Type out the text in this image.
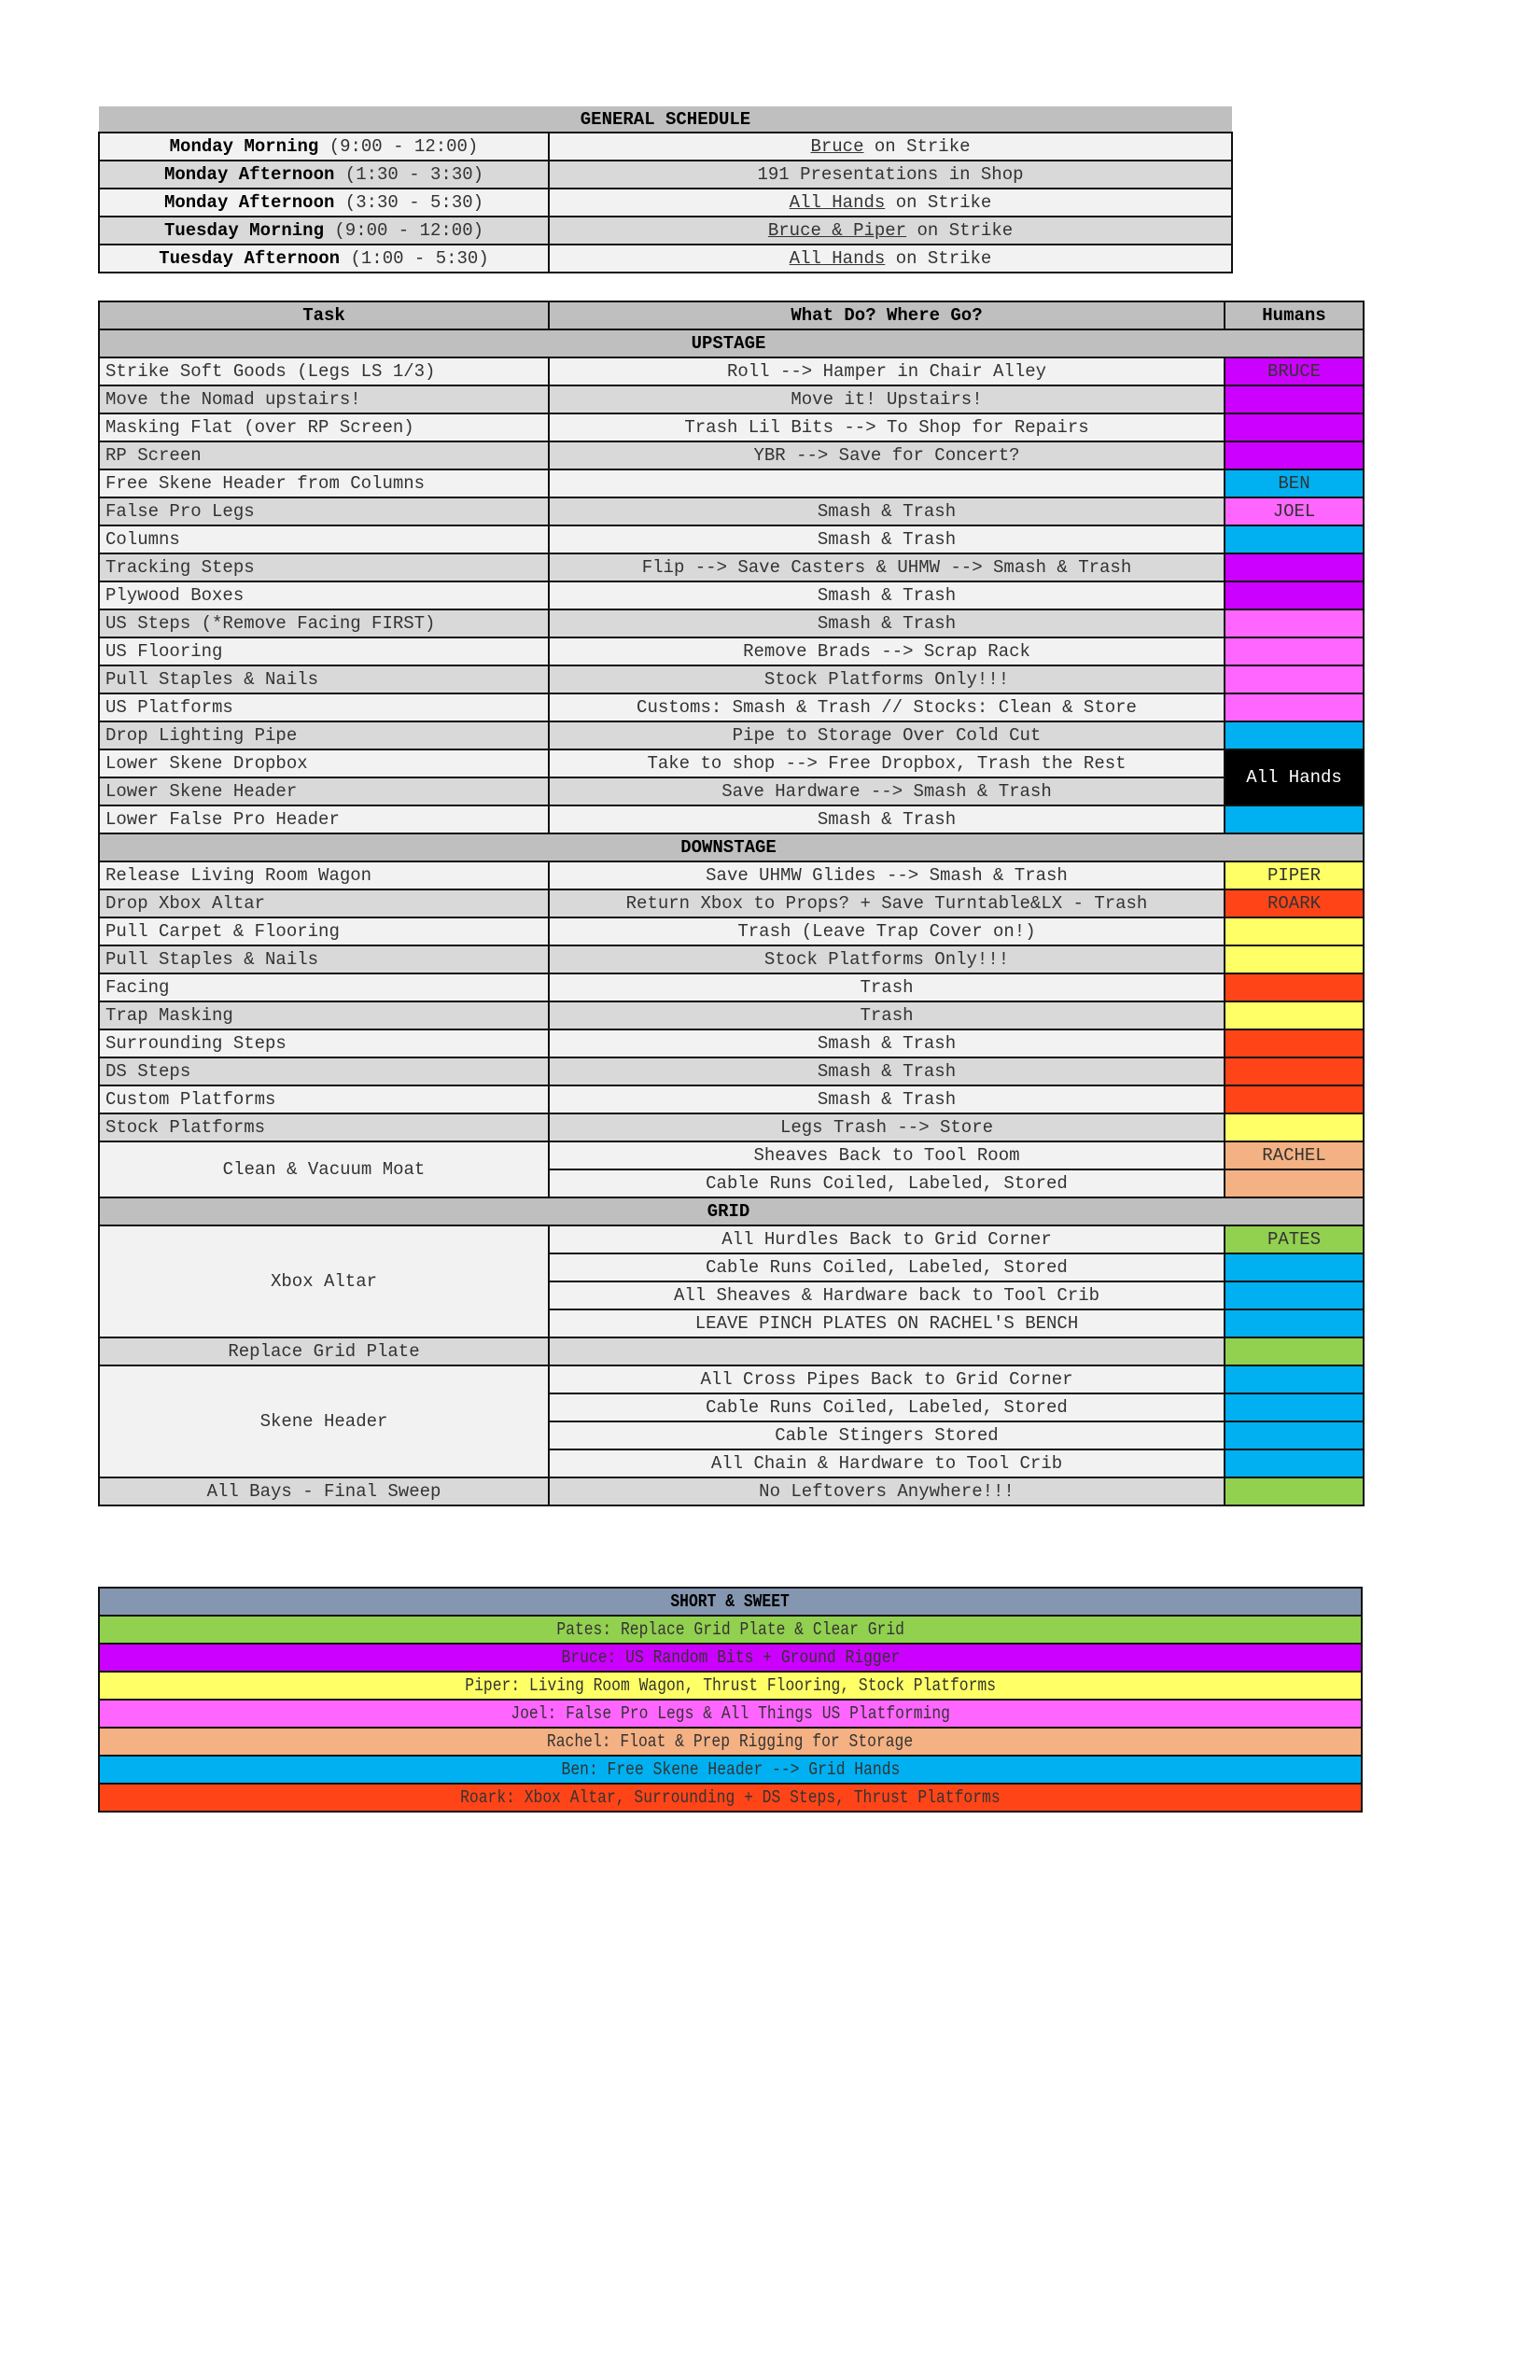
GENERAL SCHEDULE	
Monday Morning (9:00 - 12:00)	Bruce on Strike
Monday Afternoon (1:30 - 3:30)	191 Presentations in Shop
Monday Afternoon (3:30 - 5:30)	All Hands on Strike
Tuesday Morning (9:00 - 12:00)	Bruce & Piper on Strike
Tuesday Afternoon (1:00 - 5:30)	All Hands on Strike
Task	What Do? Where Go?	Humans
UPSTAGE		
Strike Soft Goods (Legs LS 1/3)	Roll --> Hamper in Chair Alley	BRUCE
Move the Nomad upstairs!	Move it! Upstairs!	
Masking Flat (over RP Screen)	Trash Lil Bits --> To Shop for Repairs	
RP Screen	YBR --> Save for Concert?	
Free Skene Header from Columns		BEN
False Pro Legs	Smash & Trash	JOEL
Columns	Smash & Trash	
Tracking Steps	Flip --> Save Casters & UHMW --> Smash & Trash	
Plywood Boxes	Smash & Trash	
US Steps (*Remove Facing FIRST)	Smash & Trash	
US Flooring	Remove Brads --> Scrap Rack	
Pull Staples & Nails	Stock Platforms Only!!!	
US Platforms	Customs: Smash & Trash // Stocks: Clean & Store	
Drop Lighting Pipe	Pipe to Storage Over Cold Cut	
Lower Skene Dropbox	Take to shop --> Free Dropbox, Trash the Rest	All Hands
Lower Skene Header	Save Hardware --> Smash & Trash	
Lower False Pro Header	Smash & Trash	
DOWNSTAGE		
Release Living Room Wagon	Save UHMW Glides --> Smash & Trash	PIPER
Drop Xbox Altar	Return Xbox to Props? + Save Turntable&LX - Trash	ROARK
Pull Carpet & Flooring	Trash (Leave Trap Cover on!)	
Pull Staples & Nails	Stock Platforms Only!!!	
Facing	Trash	
Trap Masking	Trash	
Surrounding Steps	Smash & Trash	
DS Steps	Smash & Trash	
Custom Platforms	Smash & Trash	
Stock Platforms	Legs Trash --> Store	
Clean & Vacuum Moat	Sheaves Back to Tool Room	RACHEL
	Cable Runs Coiled, Labeled, Stored	
GRID		
Xbox Altar	All Hurdles Back to Grid Corner	PATES
	Cable Runs Coiled, Labeled, Stored	
	All Sheaves & Hardware back to Tool Crib	
	LEAVE PINCH PLATES ON RACHEL'S BENCH	
Replace Grid Plate		
Skene Header	All Cross Pipes Back to Grid Corner	
	Cable Runs Coiled, Labeled, Stored	
	Cable Stingers Stored	
	All Chain & Hardware to Tool Crib	
All Bays - Final Sweep	No Leftovers Anywhere!!!	
SHORT & SWEET
Pates: Replace Grid Plate & Clear Grid
Bruce: US Random Bits + Ground Rigger
Piper: Living Room Wagon, Thrust Flooring, Stock Platforms
Joel: False Pro Legs & All Things US Platforming
Rachel: Float & Prep Rigging for Storage
Ben: Free Skene Header --> Grid Hands
Roark: Xbox Altar, Surrounding + DS Steps, Thrust Platforms
